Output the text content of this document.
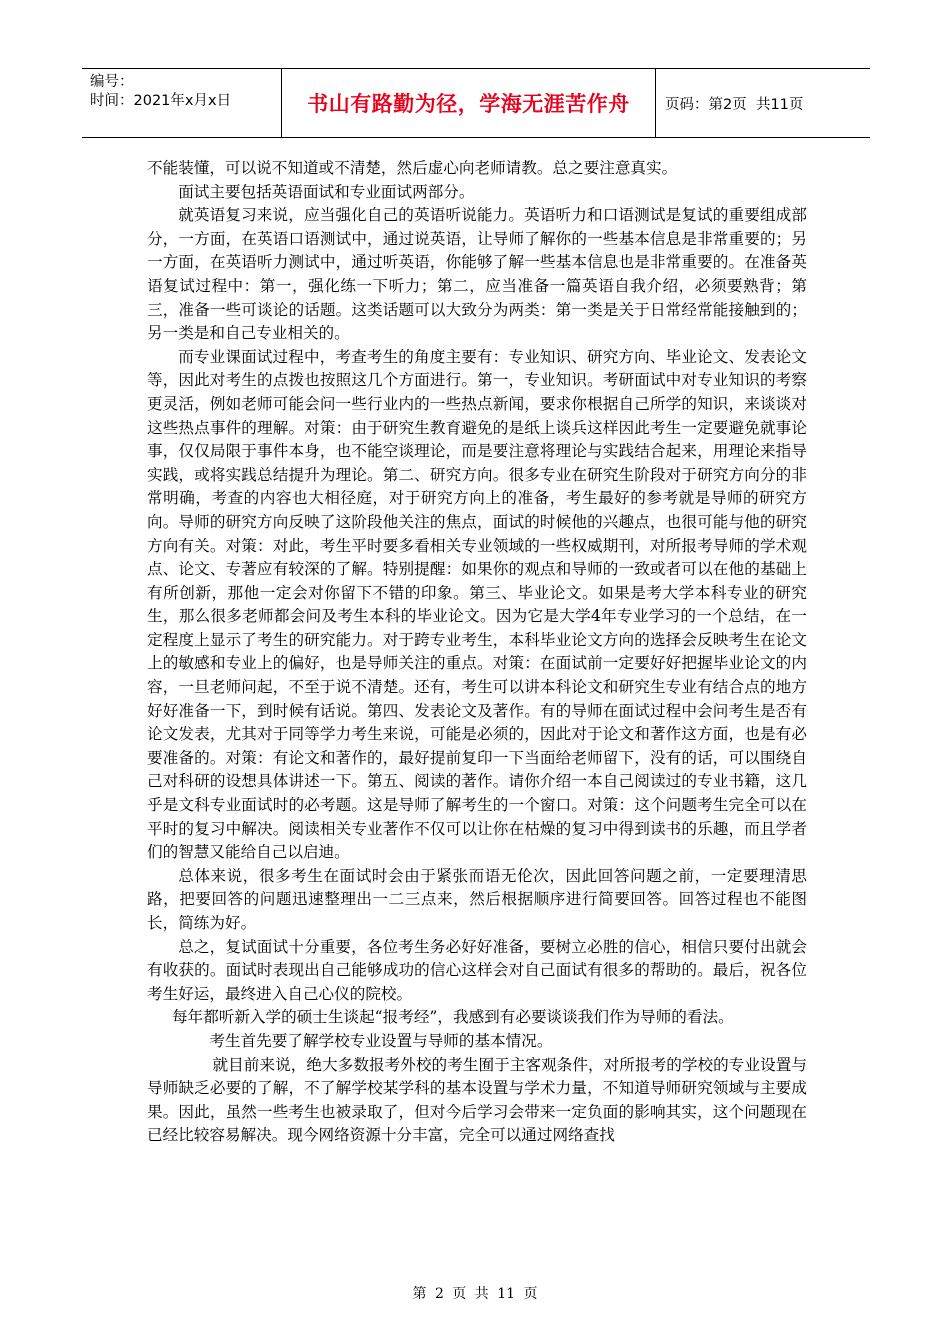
编号：
时间：2021年x月x日	书山有路勤为径，学海无涯苦作舟 页码：第2页  共11页

不能装懂，可以说不知道或不清楚，然后虚心向老师请教。总之要注意真实。

面试主要包括英语面试和专业面试两部分。

就英语复习来说，应当强化自己的英语听说能力。英语听力和口语测试是复试的重要组成部分，一方面，在英语口语测试中，通过说英语，让导师了解你的一些基本信息是非常重要的；另一方面，在英语听力测试中，通过听英语，你能够了解一些基本信息也是非常重要的。在准备英语复试过程中：第一，强化练一下听力；第二，应当准备一篇英语自我介绍，必须要熟背；第三，准备一些可谈论的话题。这类话题可以大致分为两类：第一类是关于日常经常能接触到的；另一类是和自己专业相关的。

而专业课面试过程中，考查考生的角度主要有：专业知识、研究方向、毕业论文、发表论文等，因此对考生的点拨也按照这几个方面进行。第一，专业知识。考研面试中对专业知识的考察更灵活，例如老师可能会问一些行业内的一些热点新闻，要求你根据自己所学的知识，来谈谈对这些热点事件的理解。对策：由于研究生教育避免的是纸上谈兵这样因此考生一定要避免就事论事，仅仅局限于事件本身，也不能空谈理论，而是要注意将理论与实践结合起来，用理论来指导实践，或将实践总结提升为理论。第二、研究方向。很多专业在研究生阶段对于研究方向分的非常明确，考查的内容也大相径庭，对于研究方向上的准备，考生最好的参考就是导师的研究方向。导师的研究方向反映了这阶段他关注的焦点，面试的时候他的兴趣点，也很可能与他的研究方向有关。对策：对此，考生平时要多看相关专业领域的一些权威期刊，对所报考导师的学术观点、论文、专著应有较深的了解。特别提醒：如果你的观点和导师的一致或者可以在他的基础上有所创新，那他一定会对你留下不错的印象。第三、毕业论文。如果是考大学本科专业的研究生，那么很多老师都会问及考生本科的毕业论文。因为它是大学4年专业学习的一个总结，在一定程度上显示了考生的研究能力。对于跨专业考生，本科毕业论文方向的选择会反映考生在论文上的敏感和专业上的偏好，也是导师关注的重点。对策：在面试前一定要好好把握毕业论文的内容，一旦老师问起，不至于说不清楚。还有，考生可以讲本科论文和研究生专业有结合点的地方好好准备一下，到时候有话说。第四、发表论文及著作。有的导师在面试过程中会问考生是否有论文发表，尤其对于同等学力考生来说，可能是必须的，因此对于论文和著作这方面，也是有必要准备的。对策：有论文和著作的，最好提前复印一下当面给老师留下，没有的话，可以围绕自己对科研的设想具体讲述一下。第五、阅读的著作。请你介绍一本自己阅读过的专业书籍，这几乎是文科专业面试时的必考题。这是导师了解考生的一个窗口。对策：这个问题考生完全可以在平时的复习中解决。阅读相关专业著作不仅可以让你在枯燥的复习中得到读书的乐趣，而且学者们的智慧又能给自己以启迪。

总体来说，很多考生在面试时会由于紧张而语无伦次，因此回答问题之前，一定要理清思路，把要回答的问题迅速整理出一二三点来，然后根据顺序进行简要回答。回答过程也不能图长，简练为好。

总之，复试面试十分重要，各位考生务必好好准备，要树立必胜的信心，相信只要付出就会有收获的。面试时表现出自己能够成功的信心这样会对自己面试有很多的帮助的。最后，祝各位考生好运，最终进入自己心仪的院校。

每年都听新入学的硕士生谈起“报考经”，我感到有必要谈谈我们作为导师的看法。

考生首先要了解学校专业设置与导师的基本情况。

就目前来说，绝大多数报考外校的考生囿于主客观条件，对所报考的学校的专业设置与导师缺乏必要的了解，不了解学校某学科的基本设置与学术力量，不知道导师研究领域与主要成果。因此，虽然一些考生也被录取了，但对今后学习会带来一定负面的影响其实，这个问题现在已经比较容易解决。现今网络资源十分丰富，完全可以通过网络查找

第 2 页 共 11 页
